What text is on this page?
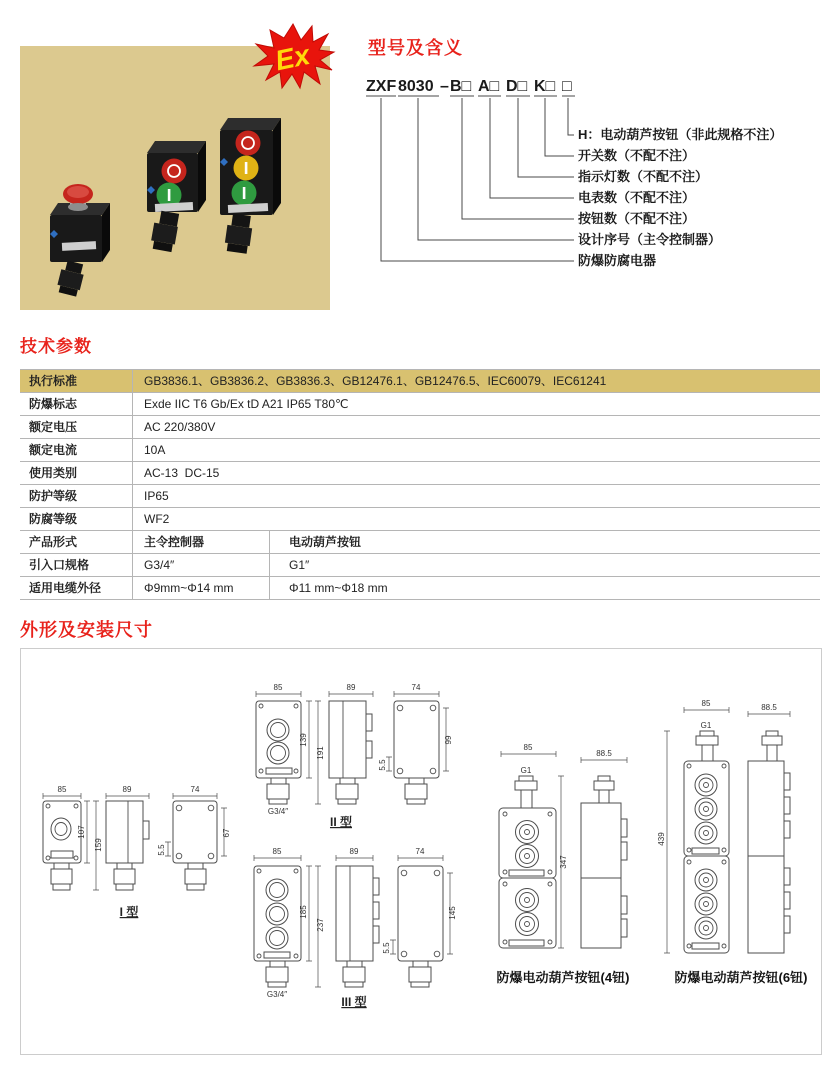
Ex	型号及含义
ZXF 8030 – B□ A□ D□ K□ □
H：电动葫芦按钮（非此规格不注）
开关数（不配不注）
指示灯数（不配不注）
电表数（不配不注）
按钮数（不配不注）
设计序号（主令控制器）
防爆防腐电器
技术参数
执行标准	GB3836.1、GB3836.2、GB3836.3、GB12476.1、GB12476.5、IEC60079、IEC61241
防爆标志	Exde IIC T6 Gb/Ex tD A21 IP65 T80℃
额定电压	AC 220/380V
额定电流	10A
使用类别	AC-13  DC-15
防护等级	IP65
防腐等级	WF2
产品形式	主令控制器	电动葫芦按钮
引入口规格	G3/4″	G1″
适用电缆外径	Φ9mm~Φ14 mm	Φ11 mm~Φ18 mm
外形及安装尺寸
85	89	74
107
159	5.5
67
I 型
85	89	74
G3/4″
139
191
5.5
99
II 型
85	89	74
G3/4″
185
237
5.5
145
III 型
85
G1
347
88.5
防爆电动葫芦按钮(4钮)
85
G1
439
88.5
防爆电动葫芦按钮(6钮)
